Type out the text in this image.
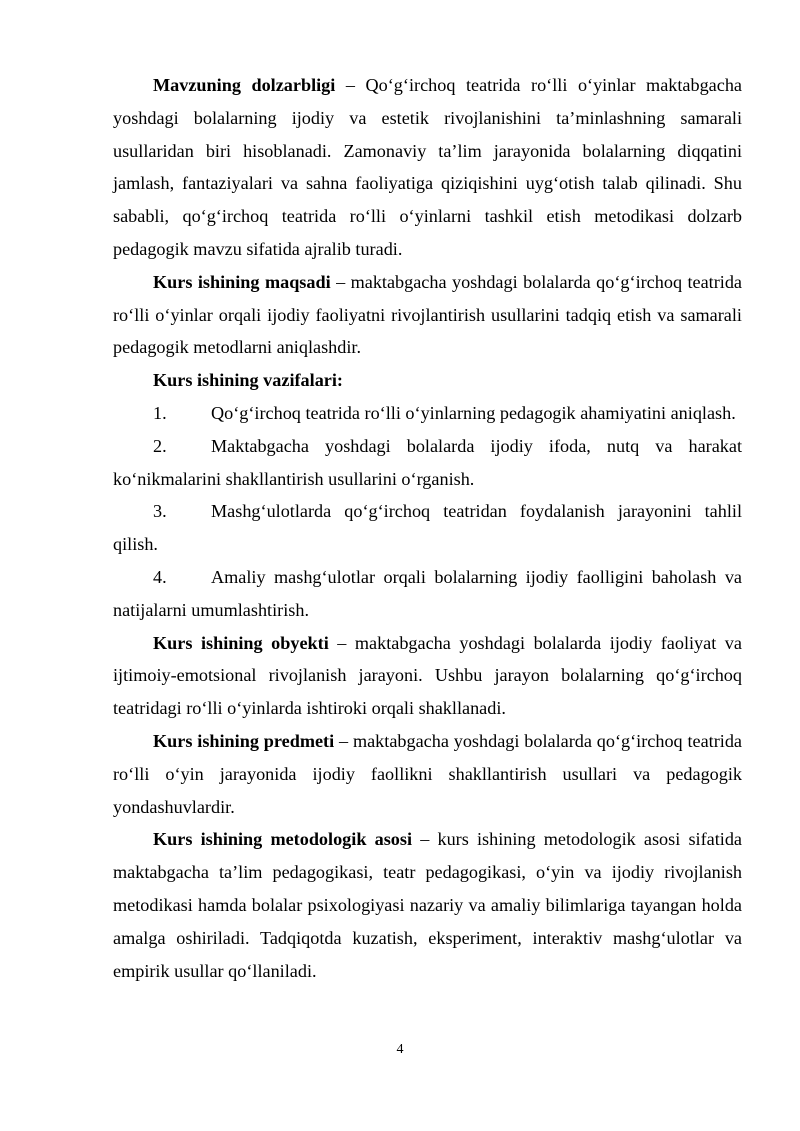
Mavzuning dolzarbligi – Qo‘g‘irchoq teatrida ro‘lli o‘yinlar maktabgacha yoshdagi bolalarning ijodiy va estetik rivojlanishini ta’minlashning samarali usullaridan biri hisoblanadi. Zamonaviy ta’lim jarayonida bolalarning diqqatini jamlash, fantaziyalari va sahna faoliyatiga qiziqishini uyg‘otish talab qilinadi. Shu sababli, qo‘g‘irchoq teatrida ro‘lli o‘yinlarni tashkil etish metodikasi dolzarb pedagogik mavzu sifatida ajralib turadi.

Kurs ishining maqsadi – maktabgacha yoshdagi bolalarda qo‘g‘irchoq teatrida ro‘lli o‘yinlar orqali ijodiy faoliyatni rivojlantirish usullarini tadqiq etish va samarali pedagogik metodlarni aniqlashdir.

Kurs ishining vazifalari:

1. Qo‘g‘irchoq teatrida ro‘lli o‘yinlarning pedagogik ahamiyatini aniqlash.

2. Maktabgacha yoshdagi bolalarda ijodiy ifoda, nutq va harakat ko‘nikmalarini shakllantirish usullarini o‘rganish.

3. Mashg‘ulotlarda qo‘g‘irchoq teatridan foydalanish jarayonini tahlil qilish.

4. Amaliy mashg‘ulotlar orqali bolalarning ijodiy faolligini baholash va natijalarni umumlashtirish.

Kurs ishining obyekti – maktabgacha yoshdagi bolalarda ijodiy faoliyat va ijtimoiy-emotsional rivojlanish jarayoni. Ushbu jarayon bolalarning qo‘g‘irchoq teatridagi ro‘lli o‘yinlarda ishtiroki orqali shakllanadi.

Kurs ishining predmeti – maktabgacha yoshdagi bolalarda qo‘g‘irchoq teatrida ro‘lli o‘yin jarayonida ijodiy faollikni shakllantirish usullari va pedagogik yondashuvlardir.

Kurs ishining metodologik asosi – kurs ishining metodologik asosi sifatida maktabgacha ta’lim pedagogikasi, teatr pedagogikasi, o‘yin va ijodiy rivojlanish metodikasi hamda bolalar psixologiyasi nazariy va amaliy bilimlariga tayangan holda amalga oshiriladi. Tadqiqotda kuzatish, eksperiment, interaktiv mashg‘ulotlar va empirik usullar qo‘llaniladi.

4
